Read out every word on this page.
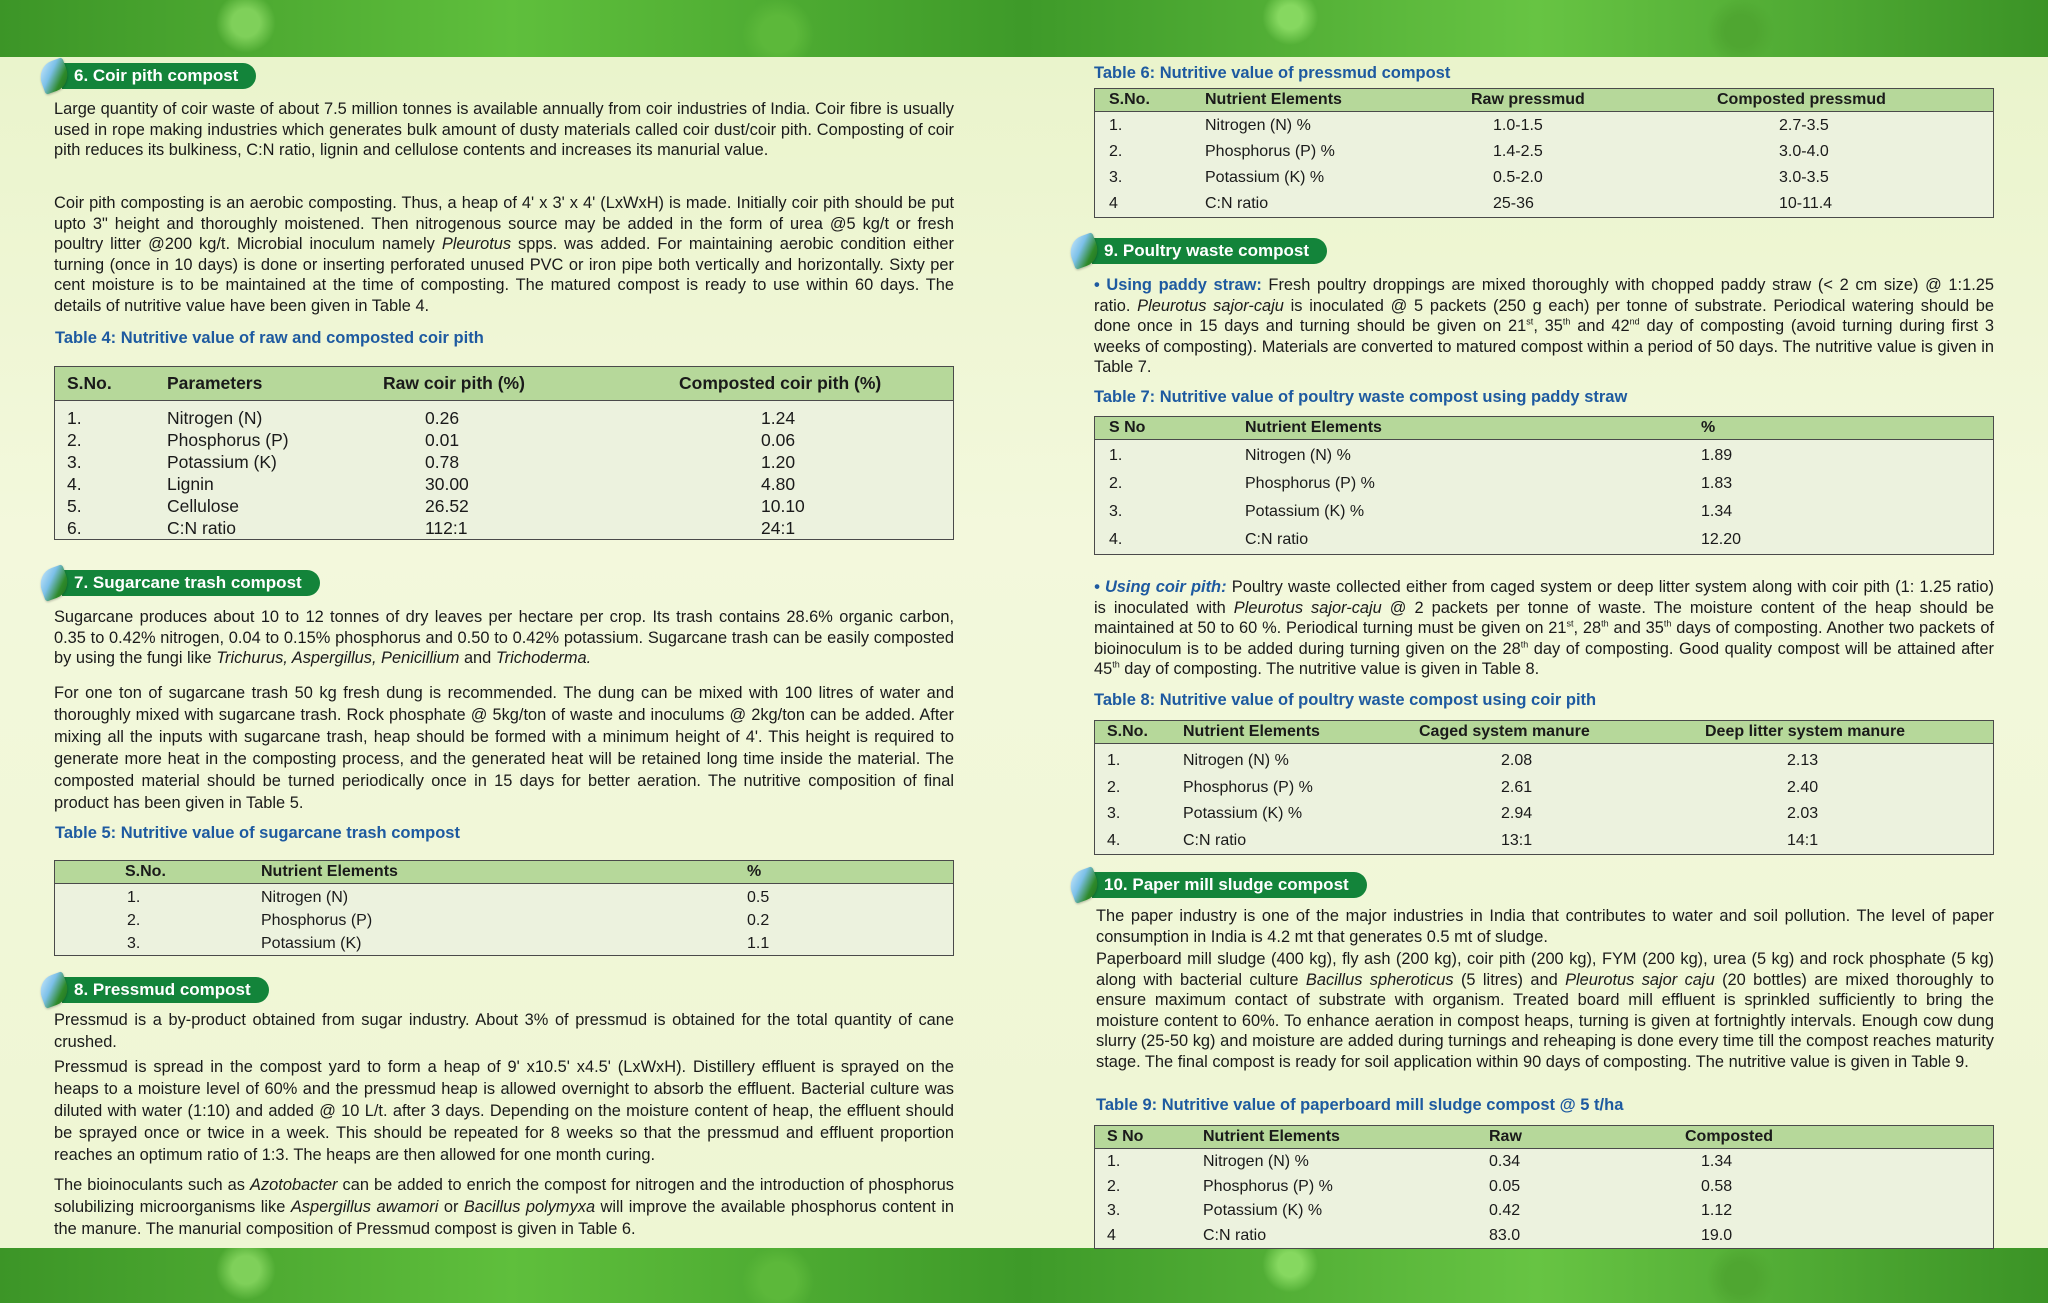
6. Coir pith compost

Large quantity of coir waste of about 7.5 million tonnes is available annually from coir industries of India. Coir fibre is usually used in rope making industries which generates bulk amount of dusty materials called coir dust/coir pith. Composting of coir pith reduces its bulkiness, C:N ratio, lignin and cellulose contents and increases its manurial value.

Coir pith composting is an aerobic composting. Thus, a heap of 4' x 3' x 4' (LxWxH) is made. Initially coir pith should be put upto 3" height and thoroughly moistened. Then nitrogenous source may be added in the form of urea @5 kg/t or fresh poultry litter @200 kg/t. Microbial inoculum namely Pleurotus spps. was added. For maintaining aerobic condition either turning (once in 10 days) is done or inserting perforated unused PVC or iron pipe both vertically and horizontally. Sixty per cent moisture is to be maintained at the time of composting. The matured compost is ready to use within 60 days. The details of nutritive value have been given in Table 4.

Table 4: Nutritive value of raw and composted coir pith

S.No.	Parameters	Raw coir pith (%)	Composted coir pith (%)
1.	Nitrogen (N)	0.26	1.24
2.	Phosphorus (P)	0.01	0.06
3.	Potassium (K)	0.78	1.20
4.	Lignin	30.00	4.80
5.	Cellulose	26.52	10.10
6.	C:N ratio	112:1	24:1
7. Sugarcane trash compost

Sugarcane produces about 10 to 12 tonnes of dry leaves per hectare per crop. Its trash contains 28.6% organic carbon, 0.35 to 0.42% nitrogen, 0.04 to 0.15% phosphorus and 0.50 to 0.42% potassium. Sugarcane trash can be easily composted by using the fungi like Trichurus, Aspergillus, Penicillium and Trichoderma.

For one ton of sugarcane trash 50 kg fresh dung is recommended. The dung can be mixed with 100 litres of water and thoroughly mixed with sugarcane trash. Rock phosphate @ 5kg/ton of waste and inoculums @ 2kg/ton can be added. After mixing all the inputs with sugarcane trash, heap should be formed with a minimum height of 4'. This height is required to generate more heat in the composting process, and the generated heat will be retained long time inside the material. The composted material should be turned periodically once in 15 days for better aeration. The nutritive composition of final product has been given in Table 5.

Table 5: Nutritive value of sugarcane trash compost

S.No.	Nutrient Elements	%
1.	Nitrogen (N)	0.5
2.	Phosphorus (P)	0.2
3.	Potassium (K)	1.1
8. Pressmud compost

Pressmud is a by-product obtained from sugar industry. About 3% of pressmud is obtained for the total quantity of cane crushed.

Pressmud is spread in the compost yard to form a heap of 9' x10.5' x4.5' (LxWxH). Distillery effluent is sprayed on the heaps to a moisture level of 60% and the pressmud heap is allowed overnight to absorb the effluent. Bacterial culture was diluted with water (1:10) and added @ 10 L/t. after 3 days. Depending on the moisture content of heap, the effluent should be sprayed once or twice in a week. This should be repeated for 8 weeks so that the pressmud and effluent proportion reaches an optimum ratio of 1:3. The heaps are then allowed for one month curing.

The bioinoculants such as Azotobacter can be added to enrich the compost for nitrogen and the introduction of phosphorus solubilizing microorganisms like Aspergillus awamori or Bacillus polymyxa will improve the available phosphorus content in the manure. The manurial composition of Pressmud compost is given in Table 6.

Table 6: Nutritive value of pressmud compost

S.No.	Nutrient Elements	Raw pressmud	Composted pressmud
1.	Nitrogen (N) %	1.0-1.5	2.7-3.5
2.	Phosphorus (P) %	1.4-2.5	3.0-4.0
3.	Potassium (K) %	0.5-2.0	3.0-3.5
4	C:N ratio	25-36	10-11.4
9. Poultry waste compost

• Using paddy straw: Fresh poultry droppings are mixed thoroughly with chopped paddy straw (< 2 cm size) @ 1:1.25 ratio. Pleurotus sajor-caju is inoculated @ 5 packets (250 g each) per tonne of substrate. Periodical watering should be done once in 15 days and turning should be given on 21st, 35th and 42nd day of composting (avoid turning during first 3 weeks of composting). Materials are converted to matured compost within a period of 50 days. The nutritive value is given in Table 7.

Table 7: Nutritive value of poultry waste compost using paddy straw

S No	Nutrient Elements	%
1.	Nitrogen (N) %	1.89
2.	Phosphorus (P) %	1.83
3.	Potassium (K) %	1.34
4.	C:N ratio	12.20

• Using coir pith: Poultry waste collected either from caged system or deep litter system along with coir pith (1: 1.25 ratio) is inoculated with Pleurotus sajor-caju @ 2 packets per tonne of waste. The moisture content of the heap should be maintained at 50 to 60 %. Periodical turning must be given on 21st, 28th and 35th days of composting. Another two packets of bioinoculum is to be added during turning given on the 28th day of composting. Good quality compost will be attained after 45th day of composting. The nutritive value is given in Table 8.

Table 8: Nutritive value of poultry waste compost using coir pith

S.No.	Nutrient Elements	Caged system manure	Deep litter system manure
1.	Nitrogen (N) %	2.08	2.13
2.	Phosphorus (P) %	2.61	2.40
3.	Potassium (K) %	2.94	2.03
4.	C:N ratio	13:1	14:1
10. Paper mill sludge compost

The paper industry is one of the major industries in India that contributes to water and soil pollution. The level of paper consumption in India is 4.2 mt that generates 0.5 mt of sludge.

Paperboard mill sludge (400 kg), fly ash (200 kg), coir pith (200 kg), FYM (200 kg), urea (5 kg) and rock phosphate (5 kg) along with bacterial culture Bacillus spheroticus (5 litres) and Pleurotus sajor caju (20 bottles) are mixed thoroughly to ensure maximum contact of substrate with organism. Treated board mill effluent is sprinkled sufficiently to bring the moisture content to 60%. To enhance aeration in compost heaps, turning is given at fortnightly intervals. Enough cow dung slurry (25-50 kg) and moisture are added during turnings and reheaping is done every time till the compost reaches maturity stage. The final compost is ready for soil application within 90 days of composting. The nutritive value is given in Table 9.

Table 9: Nutritive value of paperboard mill sludge compost @ 5 t/ha

S No	Nutrient Elements	Raw	Composted
1.	Nitrogen (N) %	0.34	1.34
2.	Phosphorus (P) %	0.05	0.58
3.	Potassium (K) %	0.42	1.12
4	C:N ratio	83.0	19.0
